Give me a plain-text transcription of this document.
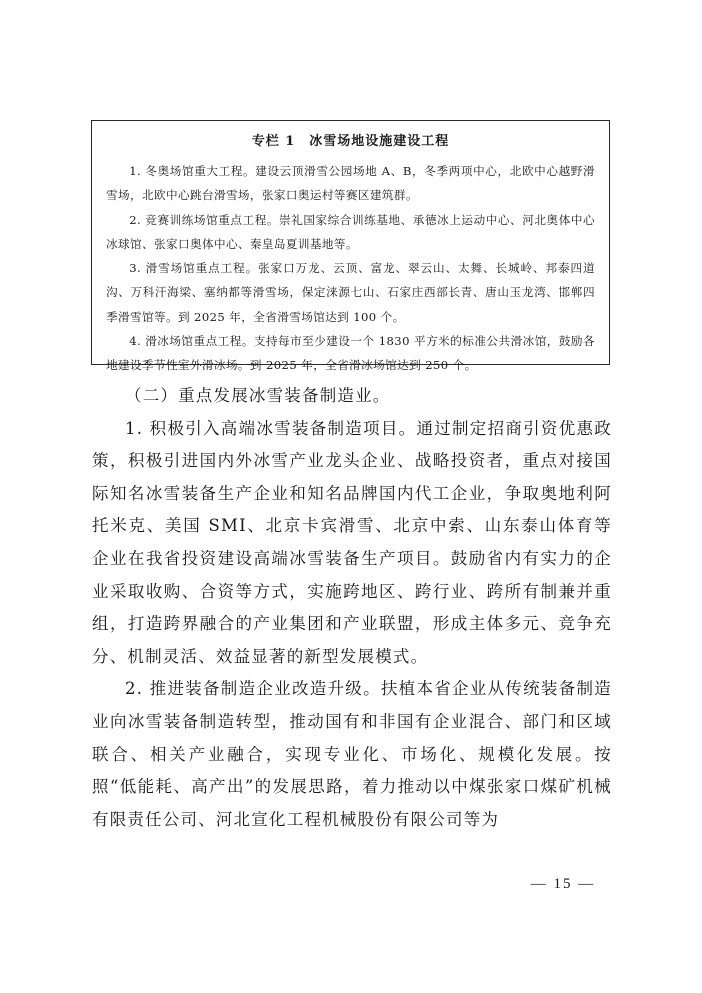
专栏 1 冰雪场地设施建设工程

1. 冬奥场馆重大工程。建设云顶滑雪公园场地 A、B，冬季两项中心，北欧中心越野滑雪场，北欧中心跳台滑雪场，张家口奥运村等赛区建筑群。

2. 竞赛训练场馆重点工程。崇礼国家综合训练基地、承德冰上运动中心、河北奥体中心冰球馆、张家口奥体中心、秦皇岛夏训基地等。

3. 滑雪场馆重点工程。张家口万龙、云顶、富龙、翠云山、太舞、长城岭、邦泰四道沟、万科汗海梁、塞纳都等滑雪场，保定涞源七山、石家庄西部长青、唐山玉龙湾、邯郸四季滑雪馆等。到 2025 年，全省滑雪场馆达到 100 个。

4. 滑冰场馆重点工程。支持每市至少建设一个 1830 平方米的标准公共滑冰馆，鼓励各地建设季节性室外滑冰场。到 2025 年，全省滑冰场馆达到 250 个。

（二）重点发展冰雪装备制造业。

1. 积极引入高端冰雪装备制造项目。通过制定招商引资优惠政策，积极引进国内外冰雪产业龙头企业、战略投资者，重点对接国际知名冰雪装备生产企业和知名品牌国内代工企业，争取奥地利阿托米克、美国 SMI、北京卡宾滑雪、北京中索、山东泰山体育等企业在我省投资建设高端冰雪装备生产项目。鼓励省内有实力的企业采取收购、合资等方式，实施跨地区、跨行业、跨所有制兼并重组，打造跨界融合的产业集团和产业联盟，形成主体多元、竞争充分、机制灵活、效益显著的新型发展模式。

2. 推进装备制造企业改造升级。扶植本省企业从传统装备制造业向冰雪装备制造转型，推动国有和非国有企业混合、部门和区域联合、相关产业融合，实现专业化、市场化、规模化发展。按照“低能耗、高产出”的发展思路，着力推动以中煤张家口煤矿机械有限责任公司、河北宣化工程机械股份有限公司等为

— 15 —
